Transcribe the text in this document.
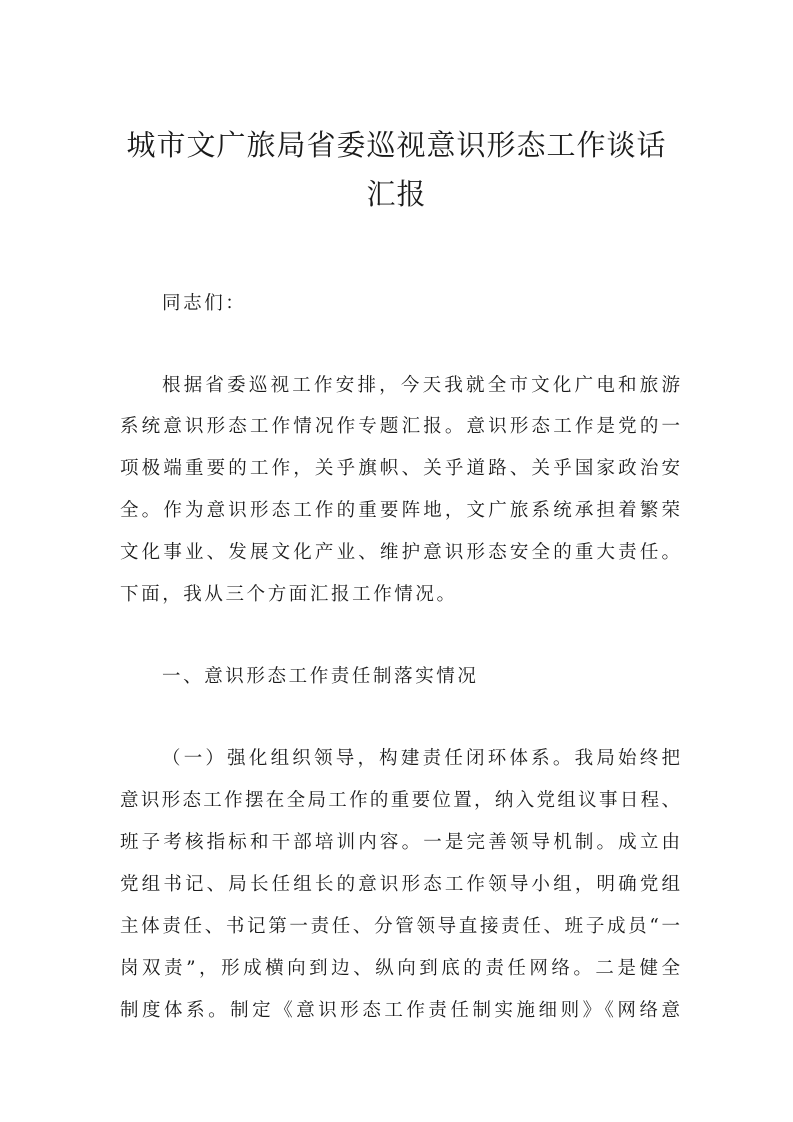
城市文广旅局省委巡视意识形态工作谈话
汇报

同志们：

根据省委巡视工作安排，今天我就全市文化广电和旅游

系统意识形态工作情况作专题汇报。意识形态工作是党的一

项极端重要的工作，关乎旗帜、关乎道路、关乎国家政治安

全。作为意识形态工作的重要阵地，文广旅系统承担着繁荣

文化事业、发展文化产业、维护意识形态安全的重大责任。

下面，我从三个方面汇报工作情况。

一、意识形态工作责任制落实情况

（一）强化组织领导，构建责任闭环体系。我局始终把

意识形态工作摆在全局工作的重要位置，纳入党组议事日程、

班子考核指标和干部培训内容。一是完善领导机制。成立由

党组书记、局长任组长的意识形态工作领导小组，明确党组

主体责任、书记第一责任、分管领导直接责任、班子成员“一

岗双责”，形成横向到边、纵向到底的责任网络。二是健全

制度体系。制定《意识形态工作责任制实施细则》《网络意
